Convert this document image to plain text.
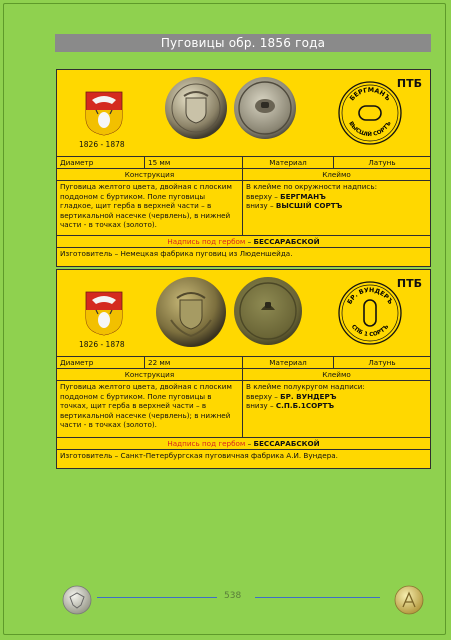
Пуговицы обр. 1856 года
1826 - 1878
БЕРГМАНЪ
ВЫСШІЙ СОРТЪ
ПТБ
Диаметр	15 мм	Материал	Латунь
Конструкция	Клеймо
Пуговица желтого цвета, двойная с плоским поддоном с буртиком. Поле пуговицы гладкое, щит герба в верхней части – в вертикальной насечке (червлень), в нижней части - в точках (золото).
В клейме по окружности надпись:
вверху – БЕРГМАНЪ
внизу – ВЫСШІЙ СОРТЪ
Надпись под гербом – БЕССАРАБСКОЙ
Изготовитель – Немецкая фабрика пуговиц из Люденшейда.
1826 - 1878
БР. ВУНДЕРЪ
СПБ 1 СОРТЪ
ПТБ
Диаметр	22 мм	Материал	Латунь
Конструкция	Клеймо
Пуговица желтого цвета, двойная с плоским поддоном с буртиком. Поле пуговицы в точках, щит герба в верхней части – в вертикальной насечке (червлень); в нижней части - в точках (золото).
В клейме полукругом надписи:
вверху – БР. ВУНДЕРЪ
внизу – С.П.Б.1СОРТЪ
Надпись под гербом – БЕССАРАБСКОЙ
Изготовитель – Санкт-Петербургская пуговичная фабрика А.И. Вундера.
538
